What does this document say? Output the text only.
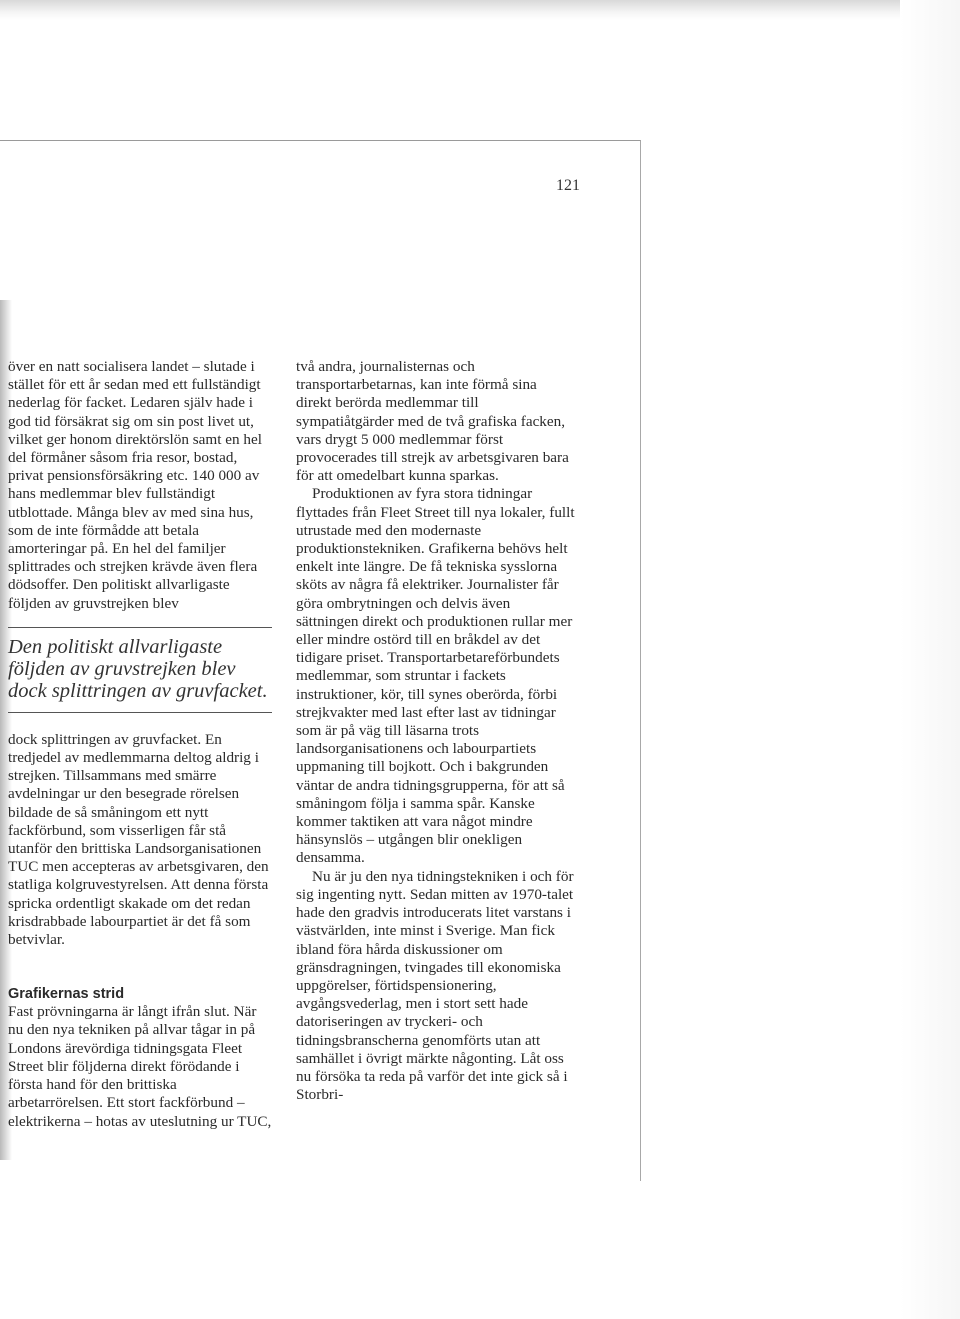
121

över en natt socialisera landet – slutade i stället för ett år sedan med ett fullständigt nederlag för facket. Ledaren själv hade i god tid försäkrat sig om sin post livet ut, vilket ger honom direktörslön samt en hel del förmåner såsom fria resor, bostad, privat pensionsförsäkring etc. 140 000 av hans medlemmar blev fullständigt utblottade. Många blev av med sina hus, som de inte förmådde att betala amorteringar på. En hel del familjer splittrades och strejken krävde även flera dödsoffer. Den politiskt allvarligaste följden av gruvstrejken blev

Den politiskt allvarligaste följden av gruvstrejken blev dock splittringen av gruvfacket.

dock splittringen av gruvfacket. En tredjedel av medlemmarna deltog aldrig i strejken. Tillsammans med smärre avdelningar ur den besegrade rörelsen bildade de så småningom ett nytt fackförbund, som visserligen får stå utanför den brittiska Landsorganisationen TUC men accepteras av arbetsgivaren, den statliga kolgruvestyrelsen. Att denna första spricka ordentligt skakade om det redan krisdrabbade labourpartiet är det få som betvivlar.

Grafikernas strid

Fast prövningarna är långt ifrån slut. När nu den nya tekniken på allvar tågar in på Londons ärevördiga tidningsgata Fleet Street blir följderna direkt förödande i första hand för den brittiska arbetarrörelsen. Ett stort fackförbund – elektrikerna – hotas av uteslutning ur TUC,

två andra, journalisternas och transportarbetarnas, kan inte förmå sina direkt berörda medlemmar till sympatiåtgärder med de två grafiska facken, vars drygt 5 000 medlemmar först provocerades till strejk av arbetsgivaren bara för att omedelbart kunna sparkas.

Produktionen av fyra stora tidningar flyttades från Fleet Street till nya lokaler, fullt utrustade med den modernaste produktionstekniken. Grafikerna behövs helt enkelt inte längre. De få tekniska sysslorna sköts av några få elektriker. Journalister får göra ombrytningen och delvis även sättningen direkt och produktionen rullar mer eller mindre ostörd till en bråkdel av det tidigare priset. Transportarbetareförbundets medlemmar, som struntar i fackets instruktioner, kör, till synes oberörda, förbi strejkvakter med last efter last av tidningar som är på väg till läsarna trots landsorganisationens och labourpartiets uppmaning till bojkott. Och i bakgrunden väntar de andra tidningsgrupperna, för att så småningom följa i samma spår. Kanske kommer taktiken att vara något mindre hänsynslös – utgången blir onekligen densamma.

Nu är ju den nya tidningstekniken i och för sig ingenting nytt. Sedan mitten av 1970-talet hade den gradvis introducerats litet varstans i västvärlden, inte minst i Sverige. Man fick ibland föra hårda diskussioner om gränsdragningen, tvingades till ekonomiska uppgörelser, förtidspensionering, avgångsvederlag, men i stort sett hade datoriseringen av tryckeri- och tidningsbranscherna genomförts utan att samhället i övrigt märkte någonting. Låt oss nu försöka ta reda på varför det inte gick så i Storbri-
